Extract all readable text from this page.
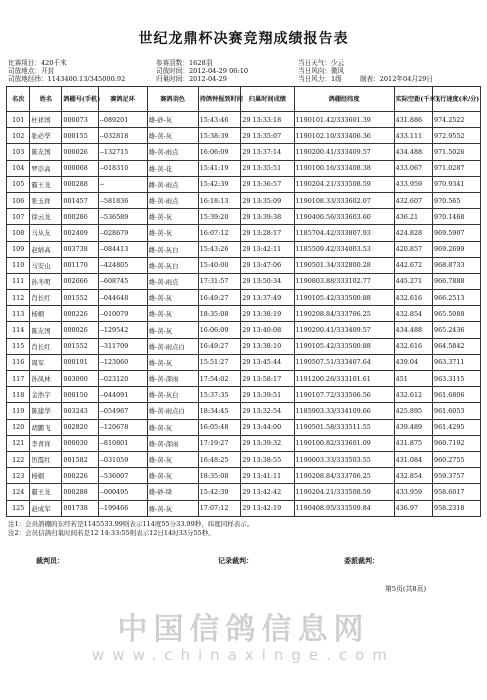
世纪龙鼎杯决赛竞翔成绩报告表
比赛项目：420千米
司放地点：开封
司放地经纬：1143400.13/345000.92
参赛羽数：1628羽
司放时间：2012-04-29 06:10
归巢时间：2012-04-29
当日天气：少云
当日风向：微风
当日风力：1级	制表：2012年04月29日
名次	姓名	鸽棚号(手机)	赛鸽足环	赛鸽羽色	持鸽钟报到时间	归巢时间成绩	鸽棚经纬度	实际空距(千米)	飞行速度(米/分)
101	杜祥国	000073	--089201	雄-砂-灰	15:43:46	29 13:33:18	1190101.42/333601.39	431.886	974.2522
102	张必华	000155	--032818	雄-黄-灰	15:38:39	29 13:35:07	1190102.10/333406.36	433.111	972.9552
103	陈友国	000026	--132715	雄-黄-雨点	16:06:09	29 13:37:14	1190200.41/333409.57	434.488	971.5026
104	罗崇高	000068	--018310	雄-黄-花	15:41:19	29 13:35:51	1190100.16/333408.38	433.067	971.0287
105	霸王龙	000288	--	雌-黄-雨点	15:42:39	29 13:36:57	1190204.21/333508.59	433.959	970.9341
106	张玉祥	001457	--581836	雄-黄-雨点	16:18:13	29 13:35:09	1190108.33/333602.07	432.607	970.565
107	徐云龙	000286	--536589	雄-黄-灰	15:39:20	29 13:39:38	1190400.56/333603.60	436.21	970.1468
108	马从友	002409	--028679	雄-黄-灰	16:07:12	29 13:28:17	1185704.42/333807.93	424.828	969.5907
109	赵婧高	003738	--084413	雌-黄-灰白	15:43:26	29 13:42:11	1185509.42/334003.53	420.857	969.2699
110	马安山	001170	--424805	雄-黄-灰白	15:40:00	29 13:47:06	1190501.34/332800.28	442.672	968.8733
111	孙冬明	002666	--608745	雄-黄-雨点	17:31:57	29 13:50:34	1190803.88/333102.77	445.271	966.7888
112	肖长红	001552	--044648	雄-黄-灰	16:49:27	29 13:37:49	1190105.42/333500.88	432.616	966.2513
113	杨姻	000226	--010079	雄-黄-灰	18:35:08	29 13:38:19	1190208.84/333706.25	432.854	965.5088
114	陈友国	000026	--129542	雄-黄-灰	16:06:09	29 13:40:08	1190200.41/333409.57	434.488	965.2436
115	肖长红	001552	--311709	雄-黄-雨点白	16:49:27	29 13:38:10	1190105.42/333500.88	432.616	964.5842
116	周军	000191	--123060	雄-黄-灰	15:51:27	29 13:45:44	1190507.51/333407.64	439.04	963.3711
117	孙凤林	003000	--023120	雄-黄-深雨	17:54:02	29 13:58:17	1191200.26/333101.61	451	963.3115
118	金浩宇	000150	--044091	雄-黄-灰白	15:37:35	29 13:39:51	1190107.72/333506.56	432.612	961.6806
119	陈建华	003243	--054967	雄-黄-雨点白	18:34:45	29 13:32:54	1185903.33/334109.66	425.895	961.6053
120	胡鹏飞	002820	--120678	雄-黄-灰	16:05:48	29 13:44:00	1190501.58/333511.55	439.489	961.4295
121	李青祥	000030	--810801	雄-黄-深雨	17:19:27	29 13:39:32	1190100.82/333601.09	431.875	960.7192
122	厉霞红	001582	--031059	雄-黄-灰	16:48:25	29 13:38:55	1190003.33/333503.55	431.084	960.2755
123	杨姻	000226	--536007	雄-黄-灰	18:35:08	29 13:41:11	1190208.84/333706.25	432.854	959.3757
124	霸王龙	000288	--000495	雄-砂-绛	15:42:39	29 13:42:42	1190204.21/333508.59	433.959	958.6017
125	赵成军	001738	--199466	雄-黄-灰	17:07:12	29 13:42:19	1190408.95/333509.84	436.97	958.2318
注1：会员鸽棚的东经若是1145533.99则表示114度55分33.99秒，纬度同样表示。
注2：会员信鸽归巢时间若是12 14:33:55则表示12日14时33分55秒。
裁判员：	记录裁判：	委派裁判：
第5页(共8页)
中国信鸽信息网
www.chinaxinge.com
